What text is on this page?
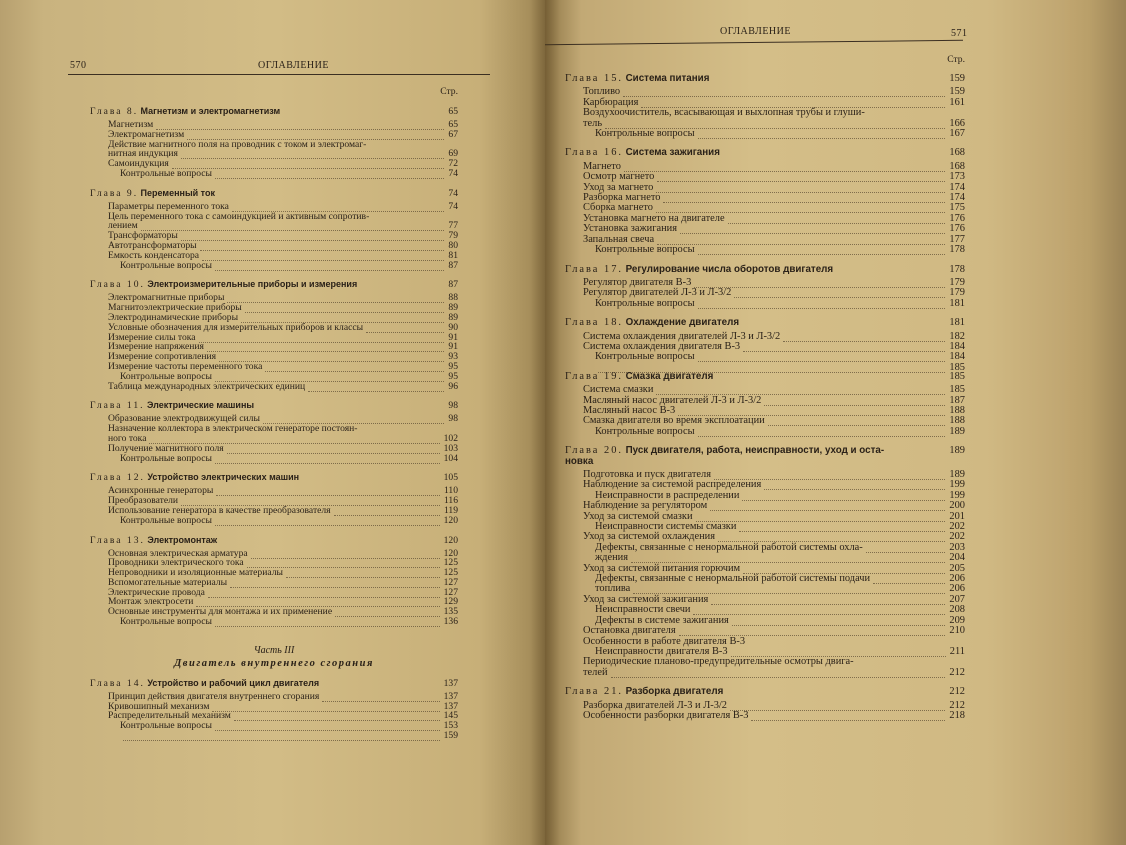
570	ОГЛАВЛЕНИЕ
Стр.
Глава 8. Магнетизм и электромагнетизм	65
Магнетизм	65
Электромагнетизм	67
Действие магнитного поля на проводник с током и электромаг-
нитная индукция	69
Самоиндукция	72
Контрольные вопросы	74
Глава 9. Переменный ток	74
Параметры переменного тока	74
Цель переменного тока с самоиндукцией и активным сопротив-
лением	77
Трансформаторы	79
Автотрансформаторы	80
Емкость конденсатора	81
Контрольные вопросы	87
Глава 10. Электроизмерительные приборы и измерения	87
Электромагнитные приборы	88
Магнитоэлектрические приборы	89
Электродинамические приборы	89
Условные обозначения для измерительных приборов и классы	90
Измерение силы тока	91
Измерение напряжения	91
Измерение сопротивления	93
Измерение частоты переменного тока	95
Контрольные вопросы	95
Таблица международных электрических единиц	96
Глава 11. Электрические машины	98
Образование электродвижущей силы	98
Назначение коллектора в электрическом генераторе постоян-
ного тока	102
Получение магнитного поля	103
Контрольные вопросы	104
Глава 12. Устройство электрических машин	105
Асинхронные генераторы	110
Преобразователи	116
Использование генератора в качестве преобразователя	119
Контрольные вопросы	120
Глава 13. Электромонтаж	120
Основная электрическая арматура	120
Проводники электрического тока	125
Непроводники и изоляционные материалы	125
Вспомогательные материалы	127
Электрические провода	127
Монтаж электросети	129
Основные инструменты для монтажа и их применение	135
Контрольные вопросы	136
Часть III
Двигатель внутреннего сгорания
Глава 14. Устройство и рабочий цикл двигателя	137
Принцип действия двигателя внутреннего сгорания	137
Кривошипный механизм	137
Распределительный механизм	145
Контрольные вопросы	153
159
ОГЛАВЛЕНИЕ	571
Стр.
Глава 15. Система питания	159
Топливо	159
Карбюрация	161
Воздухоочиститель, всасывающая и выхлопная трубы и глуши-
тель	166
Контрольные вопросы	167
Глава 16. Система зажигания	168
Магнето	168
Осмотр магнето	173
Уход за магнето	174
Разборка магнето	174
Сборка магнето	175
Установка магнето на двигателе	176
Установка зажигания	176
Запальная свеча	177
Контрольные вопросы	178
Глава 17. Регулирование числа оборотов двигателя	178
Регулятор двигателя В-3	179
Регулятор двигателей Л-3 и Л-3/2	179
Контрольные вопросы	181
Глава 18. Охлаждение двигателя	181
Система охлаждения двигателей Л-3 и Л-3/2	182
Система охлаждения двигателя В-3	184
Контрольные вопросы	184
185
Глава 19. Смазка двигателя	185
Система смазки	185
Масляный насос двигателей Л-3 и Л-3/2	187
Масляный насос В-3	188
Смазка двигателя во время эксплоатации	188
Контрольные вопросы	189
Глава 20. Пуск двигателя, работа, неисправности, уход и оста-
новка
189
Подготовка и пуск двигателя	189
Наблюдение за системой распределения	199
Неисправности в распределении	199
Наблюдение за регулятором	200
Уход за системой смазки	201
Неисправности системы смазки	202
Уход за системой охлаждения	202
Дефекты, связанные с ненормальной работой системы охла-	203
ждения	204
Уход за системой питания горючим	205
Дефекты, связанные с ненормальной работой системы подачи	206
топлива	206
Уход за системой зажигания	207
Неисправности свечи	208
Дефекты в системе зажигания	209
Остановка двигателя	210
Особенности в работе двигателя В-3
Неисправности двигателя В-3	211
Периодические планово-предупредительные осмотры двига-
телей	212
Глава 21. Разборка двигателя	212
Разборка двигателей Л-3 и Л-3/2	212
Особенности разборки двигателя В-3	218
